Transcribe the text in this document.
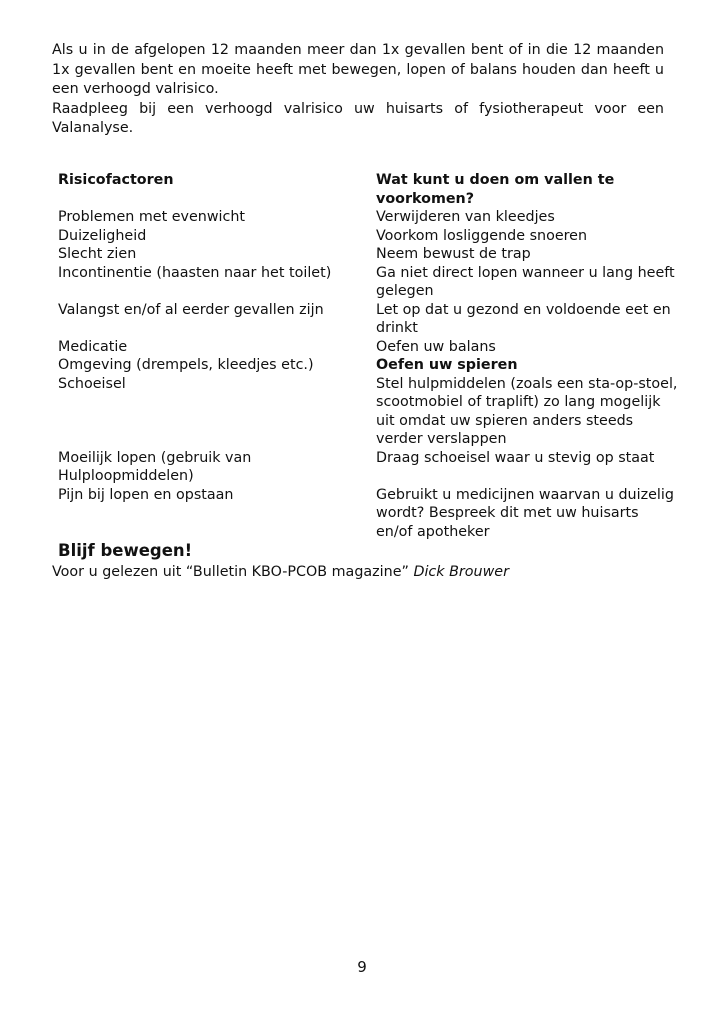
Als u in de afgelopen 12 maanden meer dan 1x gevallen bent of in die 12 maanden 1x gevallen bent en moeite heeft met bewegen, lopen of balans houden dan heeft u een verhoogd valrisico.

Raadpleeg bij een verhoogd valrisico uw huisarts of fysiotherapeut voor een Valanalyse.

Risicofactoren	Wat kunt u doen om vallen te voorkomen?
Problemen met evenwicht	Verwijderen van kleedjes
Duizeligheid	Voorkom losliggende snoeren
Slecht zien	Neem bewust de trap
Incontinentie (haasten naar het toilet)	Ga niet direct lopen wanneer u lang heeft gelegen
Valangst en/of al eerder gevallen zijn	Let op dat u gezond en voldoende eet en drinkt
Medicatie	Oefen uw balans
Omgeving (drempels, kleedjes etc.)	Oefen uw spieren
Schoeisel	Stel hulpmiddelen (zoals een sta-op-stoel, scootmobiel of traplift) zo lang mogelijk uit omdat uw spieren anders steeds verder verslappen
Moeilijk lopen (gebruik van Hulploopmiddelen)	Draag schoeisel waar u stevig op staat
Pijn bij lopen en opstaan	Gebruikt u medicijnen waarvan u duizelig wordt? Bespreek dit met uw huisarts en/of apotheker
Blijf bewegen!
Voor u gelezen uit “Bulletin KBO-PCOB magazine” Dick Brouwer
9
